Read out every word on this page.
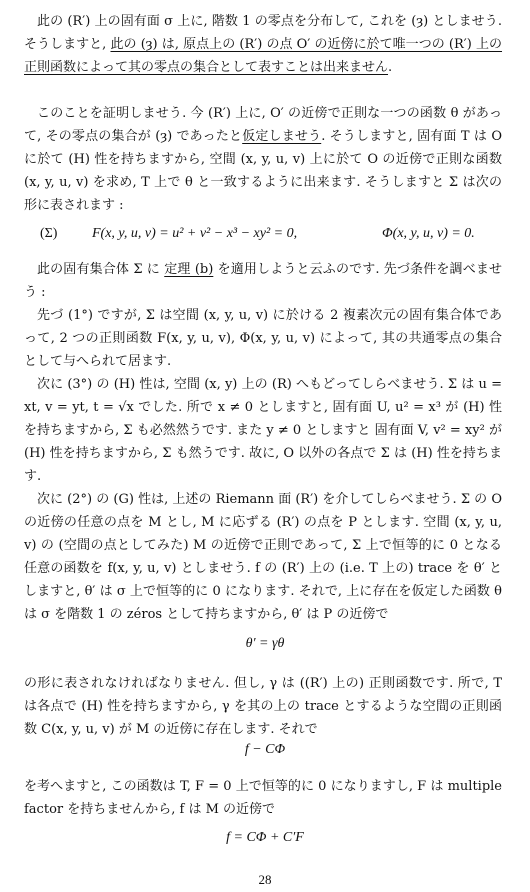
此の (R′) 上の固有面 σ 上に, 階数 1 の零点を分布して, これを (ȝ) としませう. そうしますと, 此の (ȝ) は, 原点上の (R′) の点 O′ の近傍に於て唯一つの (R′) 上の正則函数によって其の零点の集合として表すことは出来ません.

このことを証明しませう. 今 (R′) 上に, O′ の近傍で正則な一つの函数 θ があって, その零点の集合が (ȝ) であったと仮定しませう. そうしますと, 固有面 T は O に於て (H) 性を持ちますから, 空間 (x, y, u, v) 上に於て O の近傍で正則な函数 (x, y, u, v) を求め, T 上で θ と一致するように出来ます. そうしますと Σ は次の形に表されます :

(Σ) F(x, y, u, v) = u² + v² − x³ − xy² = 0,	Φ(x, y, u, v) = 0.

此の固有集合体 Σ に 定理 (b) を適用しようと云ふのです. 先づ条件を調べませう :

先づ (1°) ですが, Σ は空間 (x, y, u, v) に於ける 2 複素次元の固有集合体であって, 2 つの正則函数 F(x, y, u, v), Φ(x, y, u, v) によって, 其の共通零点の集合として与へられて居ます.

次に (3°) の (H) 性は, 空間 (x, y) 上の (R) へもどってしらべませう. Σ は u = xt, v = yt, t = √x でした. 所で x ≠ 0 としますと, 固有面 U, u² = x³ が (H) 性を持ちますから, Σ も必然然うです. また y ≠ 0 としますと 固有面 V, v² = xy² が (H) 性を持ちますから, Σ も然うです. 故に, O 以外の各点で Σ は (H) 性を持ちます.

次に (2°) の (G) 性は, 上述の Riemann 面 (R′) を介してしらべませう. Σ の O の近傍の任意の点を M とし, M に応ずる (R′) の点を P とします. 空間 (x, y, u, v) の (空間の点としてみた) M の近傍で正則であって, Σ 上で恒等的に 0 となる任意の函数を f(x, y, u, v) としませう. f の (R′) 上の (i.e. T 上の) trace を θ′ としますと, θ′ は σ 上で恒等的に 0 になります. それで, 上に存在を仮定した函数 θ は σ を階数 1 の zéros として持ちますから, θ′ は P の近傍で

θ′ = γθ

の形に表されなければなりません. 但し, γ は ((R′) 上の) 正則函数です. 所で, T は各点で (H) 性を持ちますから, γ を其の上の trace とするような空間の正則函数 C(x, y, u, v) が M の近傍に存在します. それで

f − CΦ

を考へますと, この函数は T, F = 0 上で恒等的に 0 になりますし, F は multiple factor を持ちませんから, f は M の近傍で

f = CΦ + C′F

28
